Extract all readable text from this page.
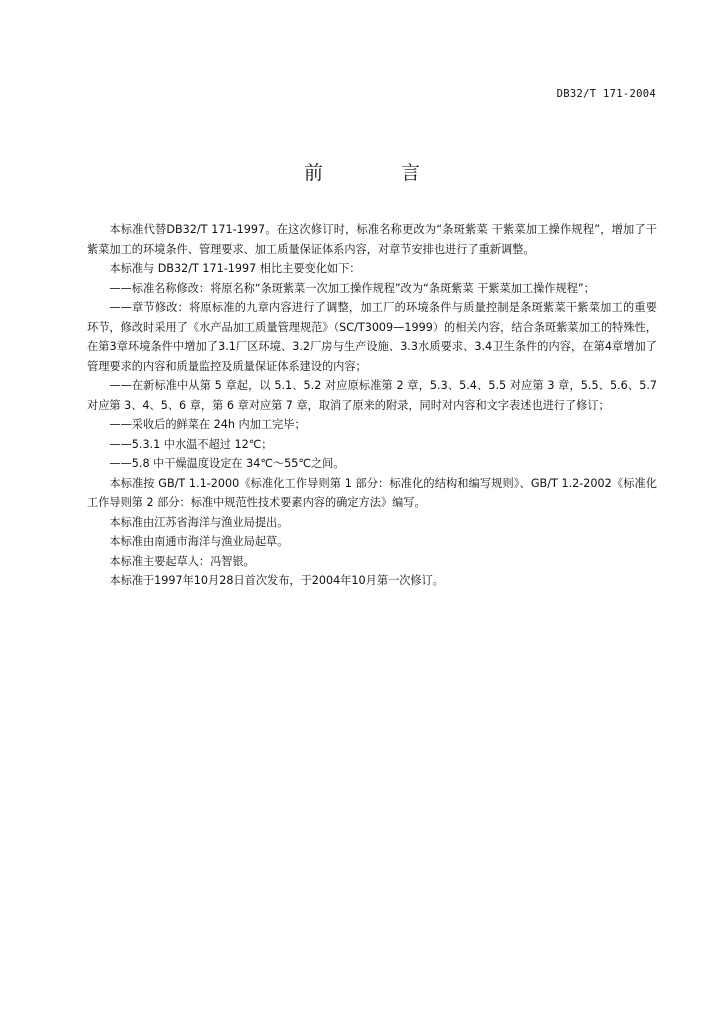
DB32/T 171-2004
前 言

本标准代替DB32/T 171-1997。在这次修订时，标准名称更改为“条斑紫菜 干紫菜加工操作规程”，增加了干紫菜加工的环境条件、管理要求、加工质量保证体系内容，对章节安排也进行了重新调整。

本标准与 DB32/T 171-1997 相比主要变化如下：

——标准名称修改：将原名称“条斑紫菜一次加工操作规程”改为“条斑紫菜 干紫菜加工操作规程”；

——章节修改：将原标准的九章内容进行了调整，加工厂的环境条件与质量控制是条斑紫菜干紫菜加工的重要环节，修改时采用了《水产品加工质量管理规范》（SC/T3009—1999）的相关内容，结合条斑紫菜加工的特殊性，在第3章环境条件中增加了3.1厂区环境、3.2厂房与生产设施、3.3水质要求、3.4卫生条件的内容，在第4章增加了管理要求的内容和质量监控及质量保证体系建设的内容；

——在新标准中从第 5 章起，以 5.1、5.2 对应原标准第 2 章，5.3、5.4、5.5 对应第 3 章，5.5、5.6、5.7 对应第 3、4、5、6 章，第 6 章对应第 7 章，取消了原来的附录，同时对内容和文字表述也进行了修订；

——采收后的鲜菜在 24h 内加工完毕；

——5.3.1 中水温不超过 12℃；

——5.8 中干燥温度设定在 34℃～55℃之间。

本标准按 GB/T 1.1-2000《标准化工作导则第 1 部分：标准化的结构和编写规则》、GB/T 1.2-2002《标准化工作导则第 2 部分：标准中规范性技术要素内容的确定方法》编写。

本标准由江苏省海洋与渔业局提出。

本标准由南通市海洋与渔业局起草。

本标准主要起草人：冯智银。

本标准于1997年10月28日首次发布，于2004年10月第一次修订。
